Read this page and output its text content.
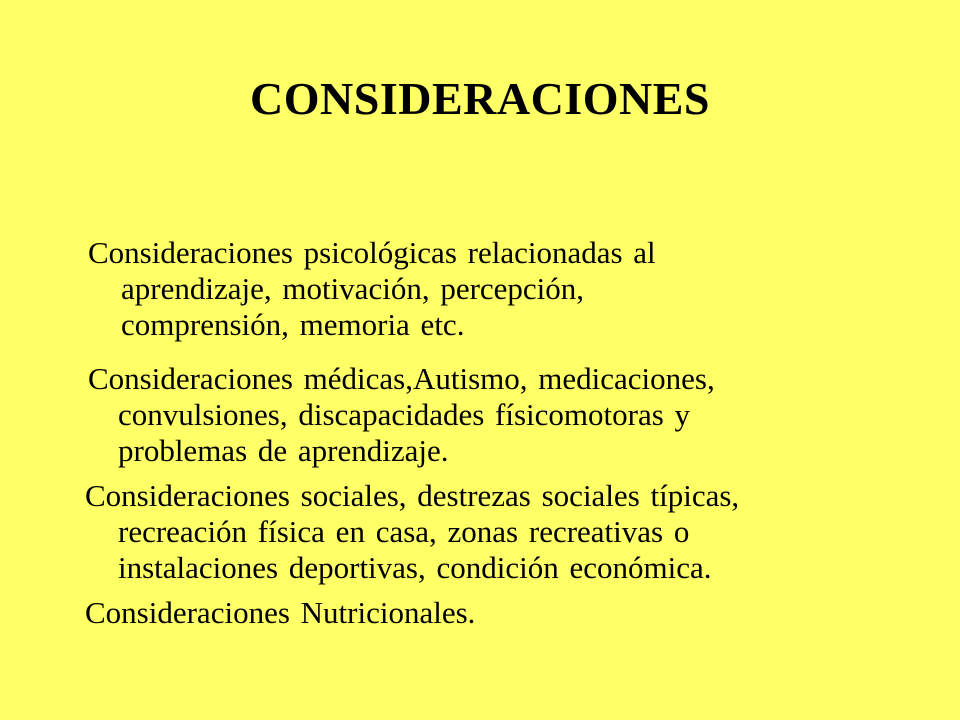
CONSIDERACIONES
Consideraciones psicológicas relacionadas al
aprendizaje, motivación, percepción,
comprensión, memoria etc.
Consideraciones médicas,Autismo, medicaciones,
convulsiones, discapacidades físicomotoras y
problemas de aprendizaje.
Consideraciones sociales, destrezas sociales típicas,
recreación física en casa, zonas recreativas o
instalaciones deportivas, condición económica.
Consideraciones Nutricionales.
